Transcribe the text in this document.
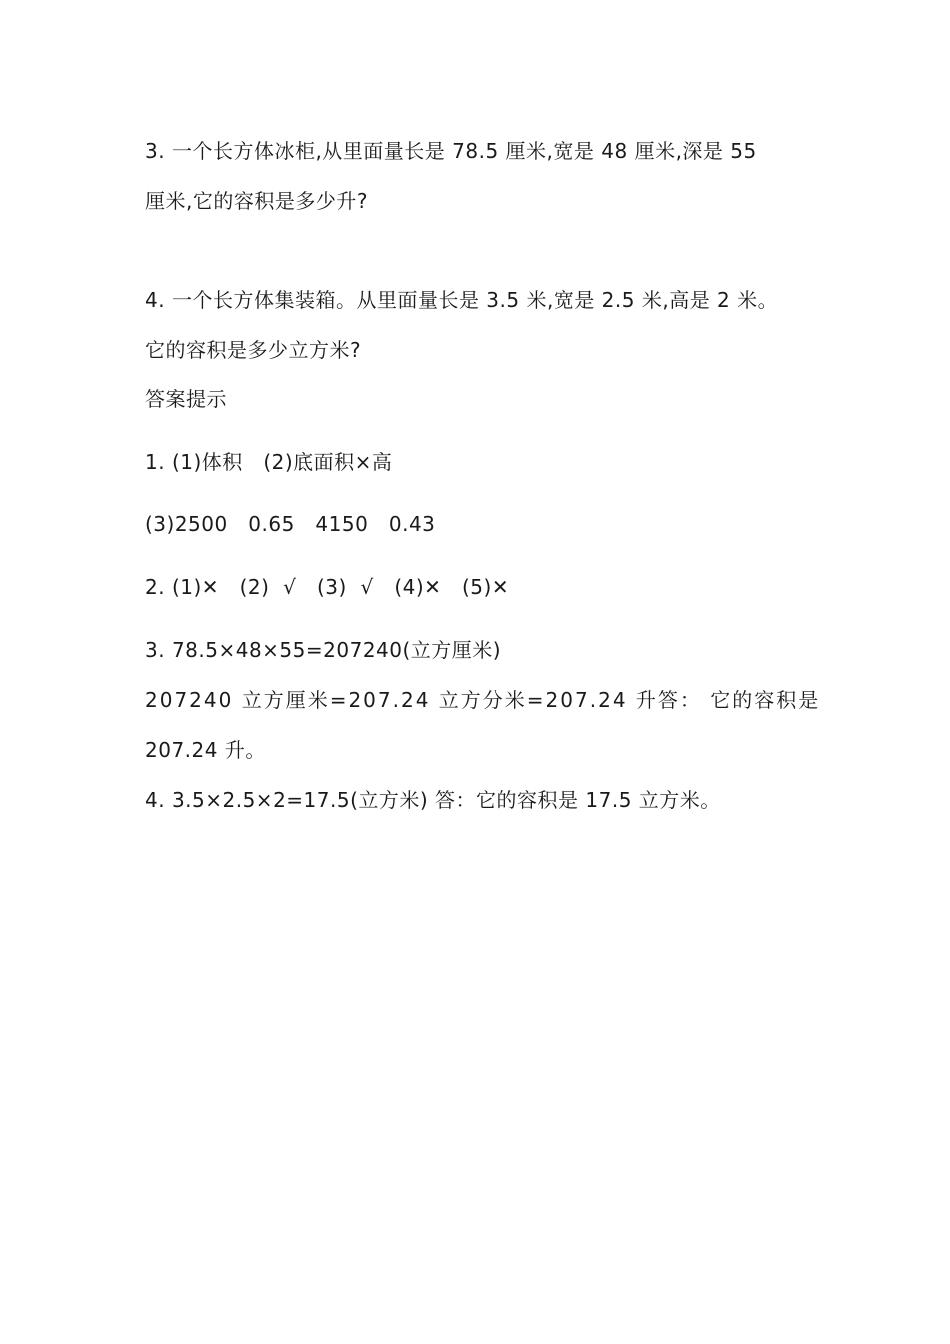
3. 一个长方体冰柜,从里面量长是 78.5 厘米,宽是 48 厘米,深是 55
厘米,它的容积是多少升?
4. 一个长方体集装箱。从里面量长是 3.5 米,宽是 2.5 米,高是 2 米。
它的容积是多少立方米?
答案提示
1. (1)体积   (2)底面积×高
(3)2500   0.65   4150   0.43
2. (1)✕   (2)  √   (3)  √   (4)✕   (5)✕
3. 78.5×48×55=207240(立方厘米)
207240 立方厘米=207.24 立方分米=207.24 升答： 它的容积是
207.24 升。
4. 3.5×2.5×2=17.5(立方米) 答：它的容积是 17.5 立方米。
